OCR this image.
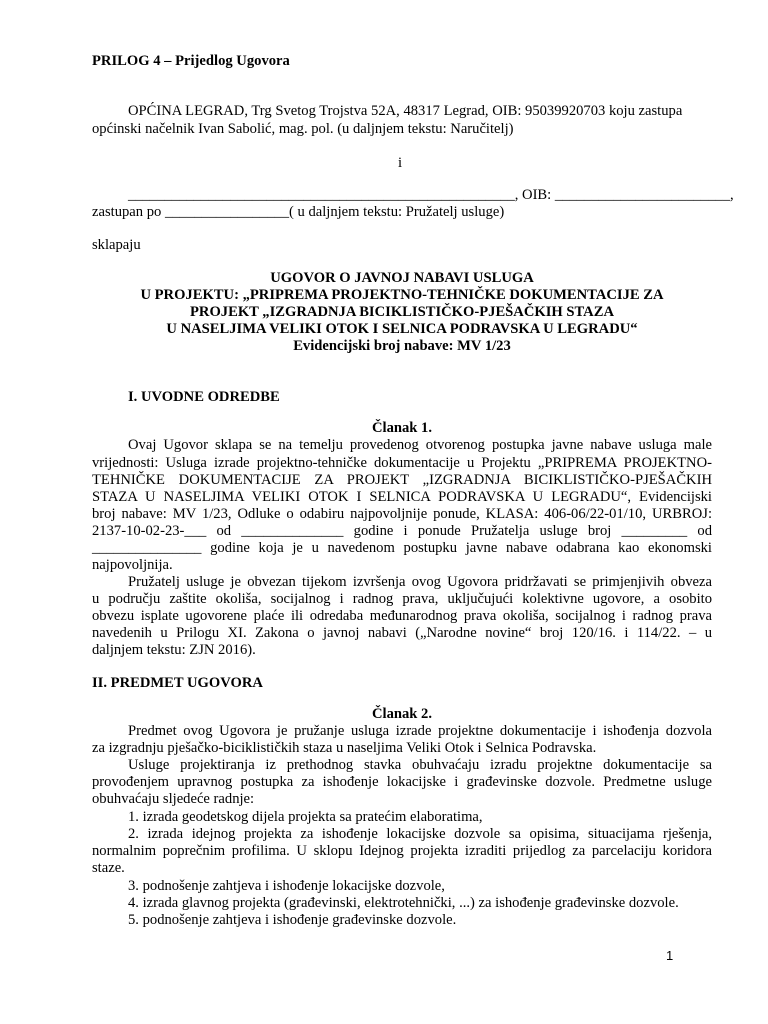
PRILOG 4 – Prijedlog Ugovora
OPĆINA LEGRAD, Trg Svetog Trojstva 52A, 48317 Legrad, OIB: 95039920703 koju zastupa
općinski načelnik Ivan Sabolić, mag. pol. (u daljnjem tekstu: Naručitelj)
i
_____________________________________________________, OIB: ________________________,
zastupan po _________________( u daljnjem tekstu: Pružatelj usluge)
sklapaju
UGOVOR O JAVNOJ NABAVI USLUGA
U PROJEKTU: „PRIPREMA PROJEKTNO-TEHNIČKE DOKUMENTACIJE ZA
PROJEKT „IZGRADNJA BICIKLISTIČKO-PJEŠAČKIH STAZA
U NASELJIMA VELIKI OTOK I SELNICA PODRAVSKA U LEGRADU“
Evidencijski broj nabave: MV 1/23
I. UVODNE ODREDBE
Članak 1.
Ovaj Ugovor sklapa se na temelju provedenog otvorenog postupka javne nabave usluga male
vrijednosti: Usluga izrade projektno-tehničke dokumentacije u Projektu „PRIPREMA PROJEKTNO-
TEHNIČKE DOKUMENTACIJE ZA PROJEKT „IZGRADNJA BICIKLISTIČKO-PJEŠAČKIH
STAZA U NASELJIMA VELIKI OTOK I SELNICA PODRAVSKA U LEGRADU“, Evidencijski
broj nabave: MV 1/23, Odluke o odabiru najpovoljnije ponude, KLASA: 406-06/22-01/10, URBROJ:
2137-10-02-23-___ od ______________ godine i ponude Pružatelja usluge broj _________ od
_______________ godine koja je u navedenom postupku javne nabave odabrana kao ekonomski
najpovoljnija.
Pružatelj usluge je obvezan tijekom izvršenja ovog Ugovora pridržavati se primjenjivih obveza
u području zaštite okoliša, socijalnog i radnog prava, uključujući kolektivne ugovore, a osobito
obvezu isplate ugovorene plaće ili odredaba međunarodnog prava okoliša, socijalnog i radnog prava
navedenih u Prilogu XI. Zakona o javnoj nabavi („Narodne novine“ broj 120/16. i 114/22. – u
daljnjem tekstu: ZJN 2016).
II. PREDMET UGOVORA
Članak 2.
Predmet ovog Ugovora je pružanje usluga izrade projektne dokumentacije i ishođenja dozvola
za izgradnju pješačko-biciklističkih staza u naseljima Veliki Otok i Selnica Podravska.
Usluge projektiranja iz prethodnog stavka obuhvaćaju izradu projektne dokumentacije sa
provođenjem upravnog postupka za ishođenje lokacijske i građevinske dozvole. Predmetne usluge
obuhvaćaju sljedeće radnje:
1. izrada geodetskog dijela projekta sa pratećim elaboratima,
2. izrada idejnog projekta za ishođenje lokacijske dozvole sa opisima, situacijama rješenja,
normalnim poprečnim profilima. U sklopu Idejnog projekta izraditi prijedlog za parcelaciju koridora
staze.
3. podnošenje zahtjeva i ishođenje lokacijske dozvole,
4. izrada glavnog projekta (građevinski, elektrotehnički, ...) za ishođenje građevinske dozvole.
5. podnošenje zahtjeva i ishođenje građevinske dozvole.
1
